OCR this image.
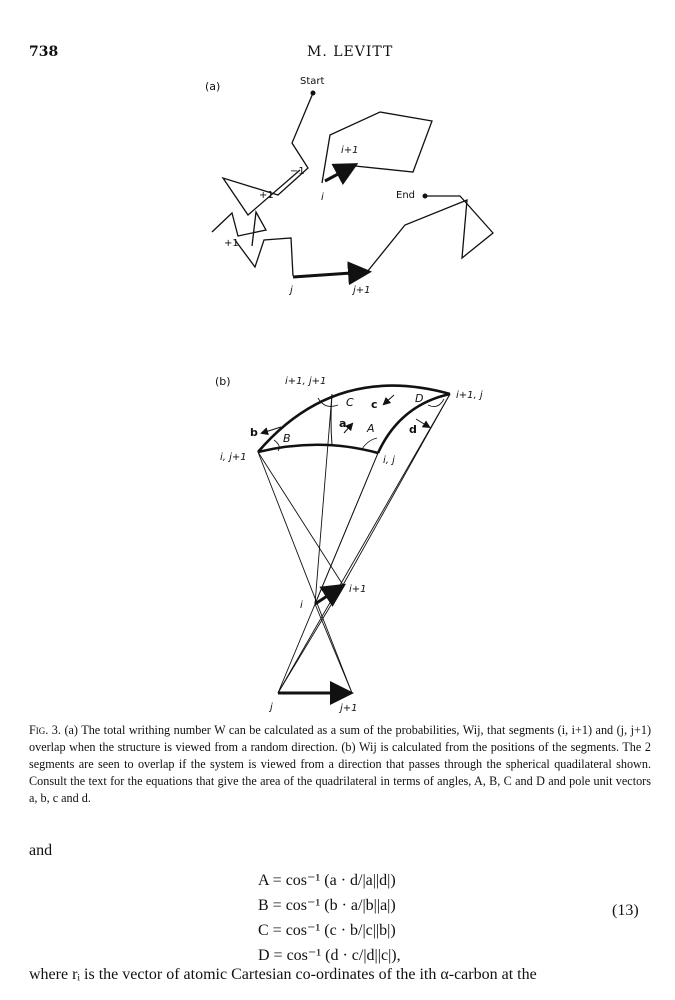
738	M. LEVITT
(a)	Start
End
−1
+1
+1
i
i+1
j	j+1
(b)	i+1, j+1
i+1, j
i, j+1	i, j
A
B
C	D
b
a
c
d
i
i+1
j	j+1
Fig. 3. (a) The total writhing number W can be calculated as a sum of the probabilities, Wij, that segments (i, i+1) and (j, j+1) overlap when the structure is viewed from a random direction. (b) Wij is calculated from the positions of the segments. The 2 segments are seen to overlap if the system is viewed from a direction that passes through the spherical quadilateral shown. Consult the text for the equations that give the area of the quadrilateral in terms of angles, A, B, C and D and pole unit vectors a, b, c and d.
and
A = cos⁻¹ (a · d/|a||d|)
B = cos⁻¹ (b · a/|b||a|)
C = cos⁻¹ (c · b/|c||b|)
D = cos⁻¹ (d · c/|d||c|),
(13)
where rᵢ is the vector of atomic Cartesian co-ordinates of the ith α-carbon at the
